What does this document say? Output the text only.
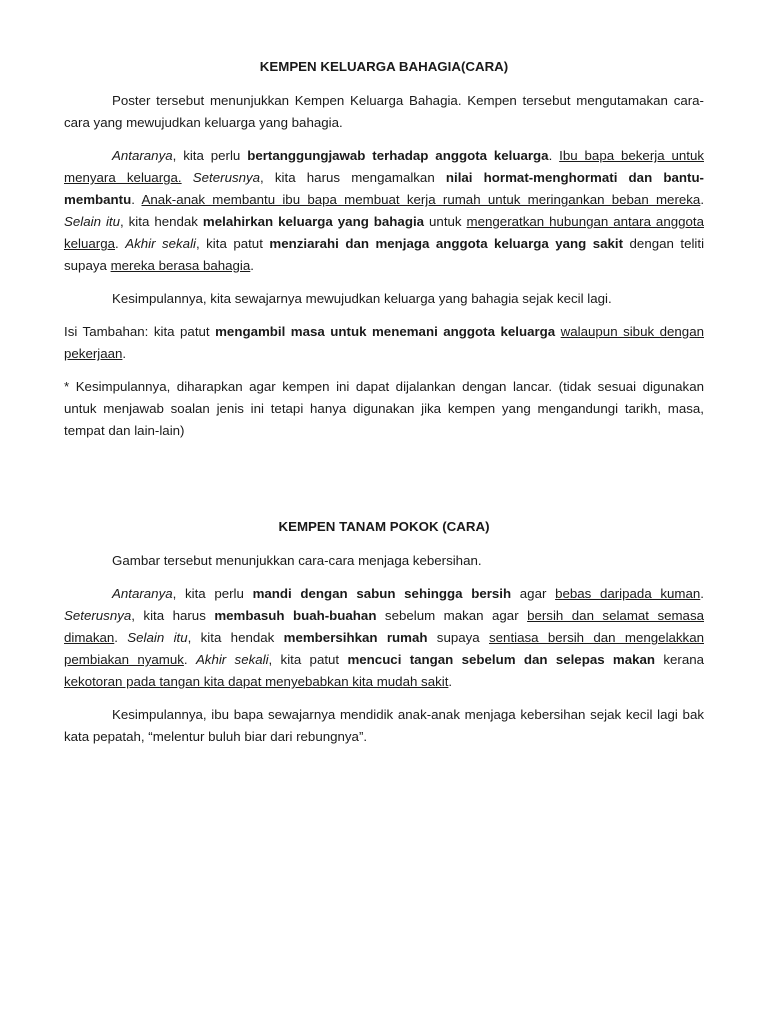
KEMPEN KELUARGA BAHAGIA(CARA)

Poster tersebut menunjukkan Kempen Keluarga Bahagia. Kempen tersebut mengutamakan cara-cara yang mewujudkan keluarga yang bahagia.

Antaranya, kita perlu bertanggungjawab terhadap anggota keluarga. Ibu bapa bekerja untuk menyara keluarga. Seterusnya, kita harus mengamalkan nilai hormat-menghormati dan bantu-membantu. Anak-anak membantu ibu bapa membuat kerja rumah untuk meringankan beban mereka. Selain itu, kita hendak melahirkan keluarga yang bahagia untuk mengeratkan hubungan antara anggota keluarga. Akhir sekali, kita patut menziarahi dan menjaga anggota keluarga yang sakit dengan teliti supaya mereka berasa bahagia.

Kesimpulannya, kita sewajarnya mewujudkan keluarga yang bahagia sejak kecil lagi.

Isi Tambahan: kita patut mengambil masa untuk menemani anggota keluarga walaupun sibuk dengan pekerjaan.

* Kesimpulannya, diharapkan agar kempen ini dapat dijalankan dengan lancar. (tidak sesuai digunakan untuk menjawab soalan jenis ini tetapi hanya digunakan jika kempen yang mengandungi tarikh, masa, tempat dan lain-lain)

KEMPEN TANAM POKOK (CARA)

Gambar tersebut menunjukkan cara-cara menjaga kebersihan.

Antaranya, kita perlu mandi dengan sabun sehingga bersih agar bebas daripada kuman. Seterusnya, kita harus membasuh buah-buahan sebelum makan agar bersih dan selamat semasa dimakan. Selain itu, kita hendak membersihkan rumah supaya sentiasa bersih dan mengelakkan pembiakan nyamuk. Akhir sekali, kita patut mencuci tangan sebelum dan selepas makan kerana kekotoran pada tangan kita dapat menyebabkan kita mudah sakit.

Kesimpulannya, ibu bapa sewajarnya mendidik anak-anak menjaga kebersihan sejak kecil lagi bak kata pepatah, “melentur buluh biar dari rebungnya”.
